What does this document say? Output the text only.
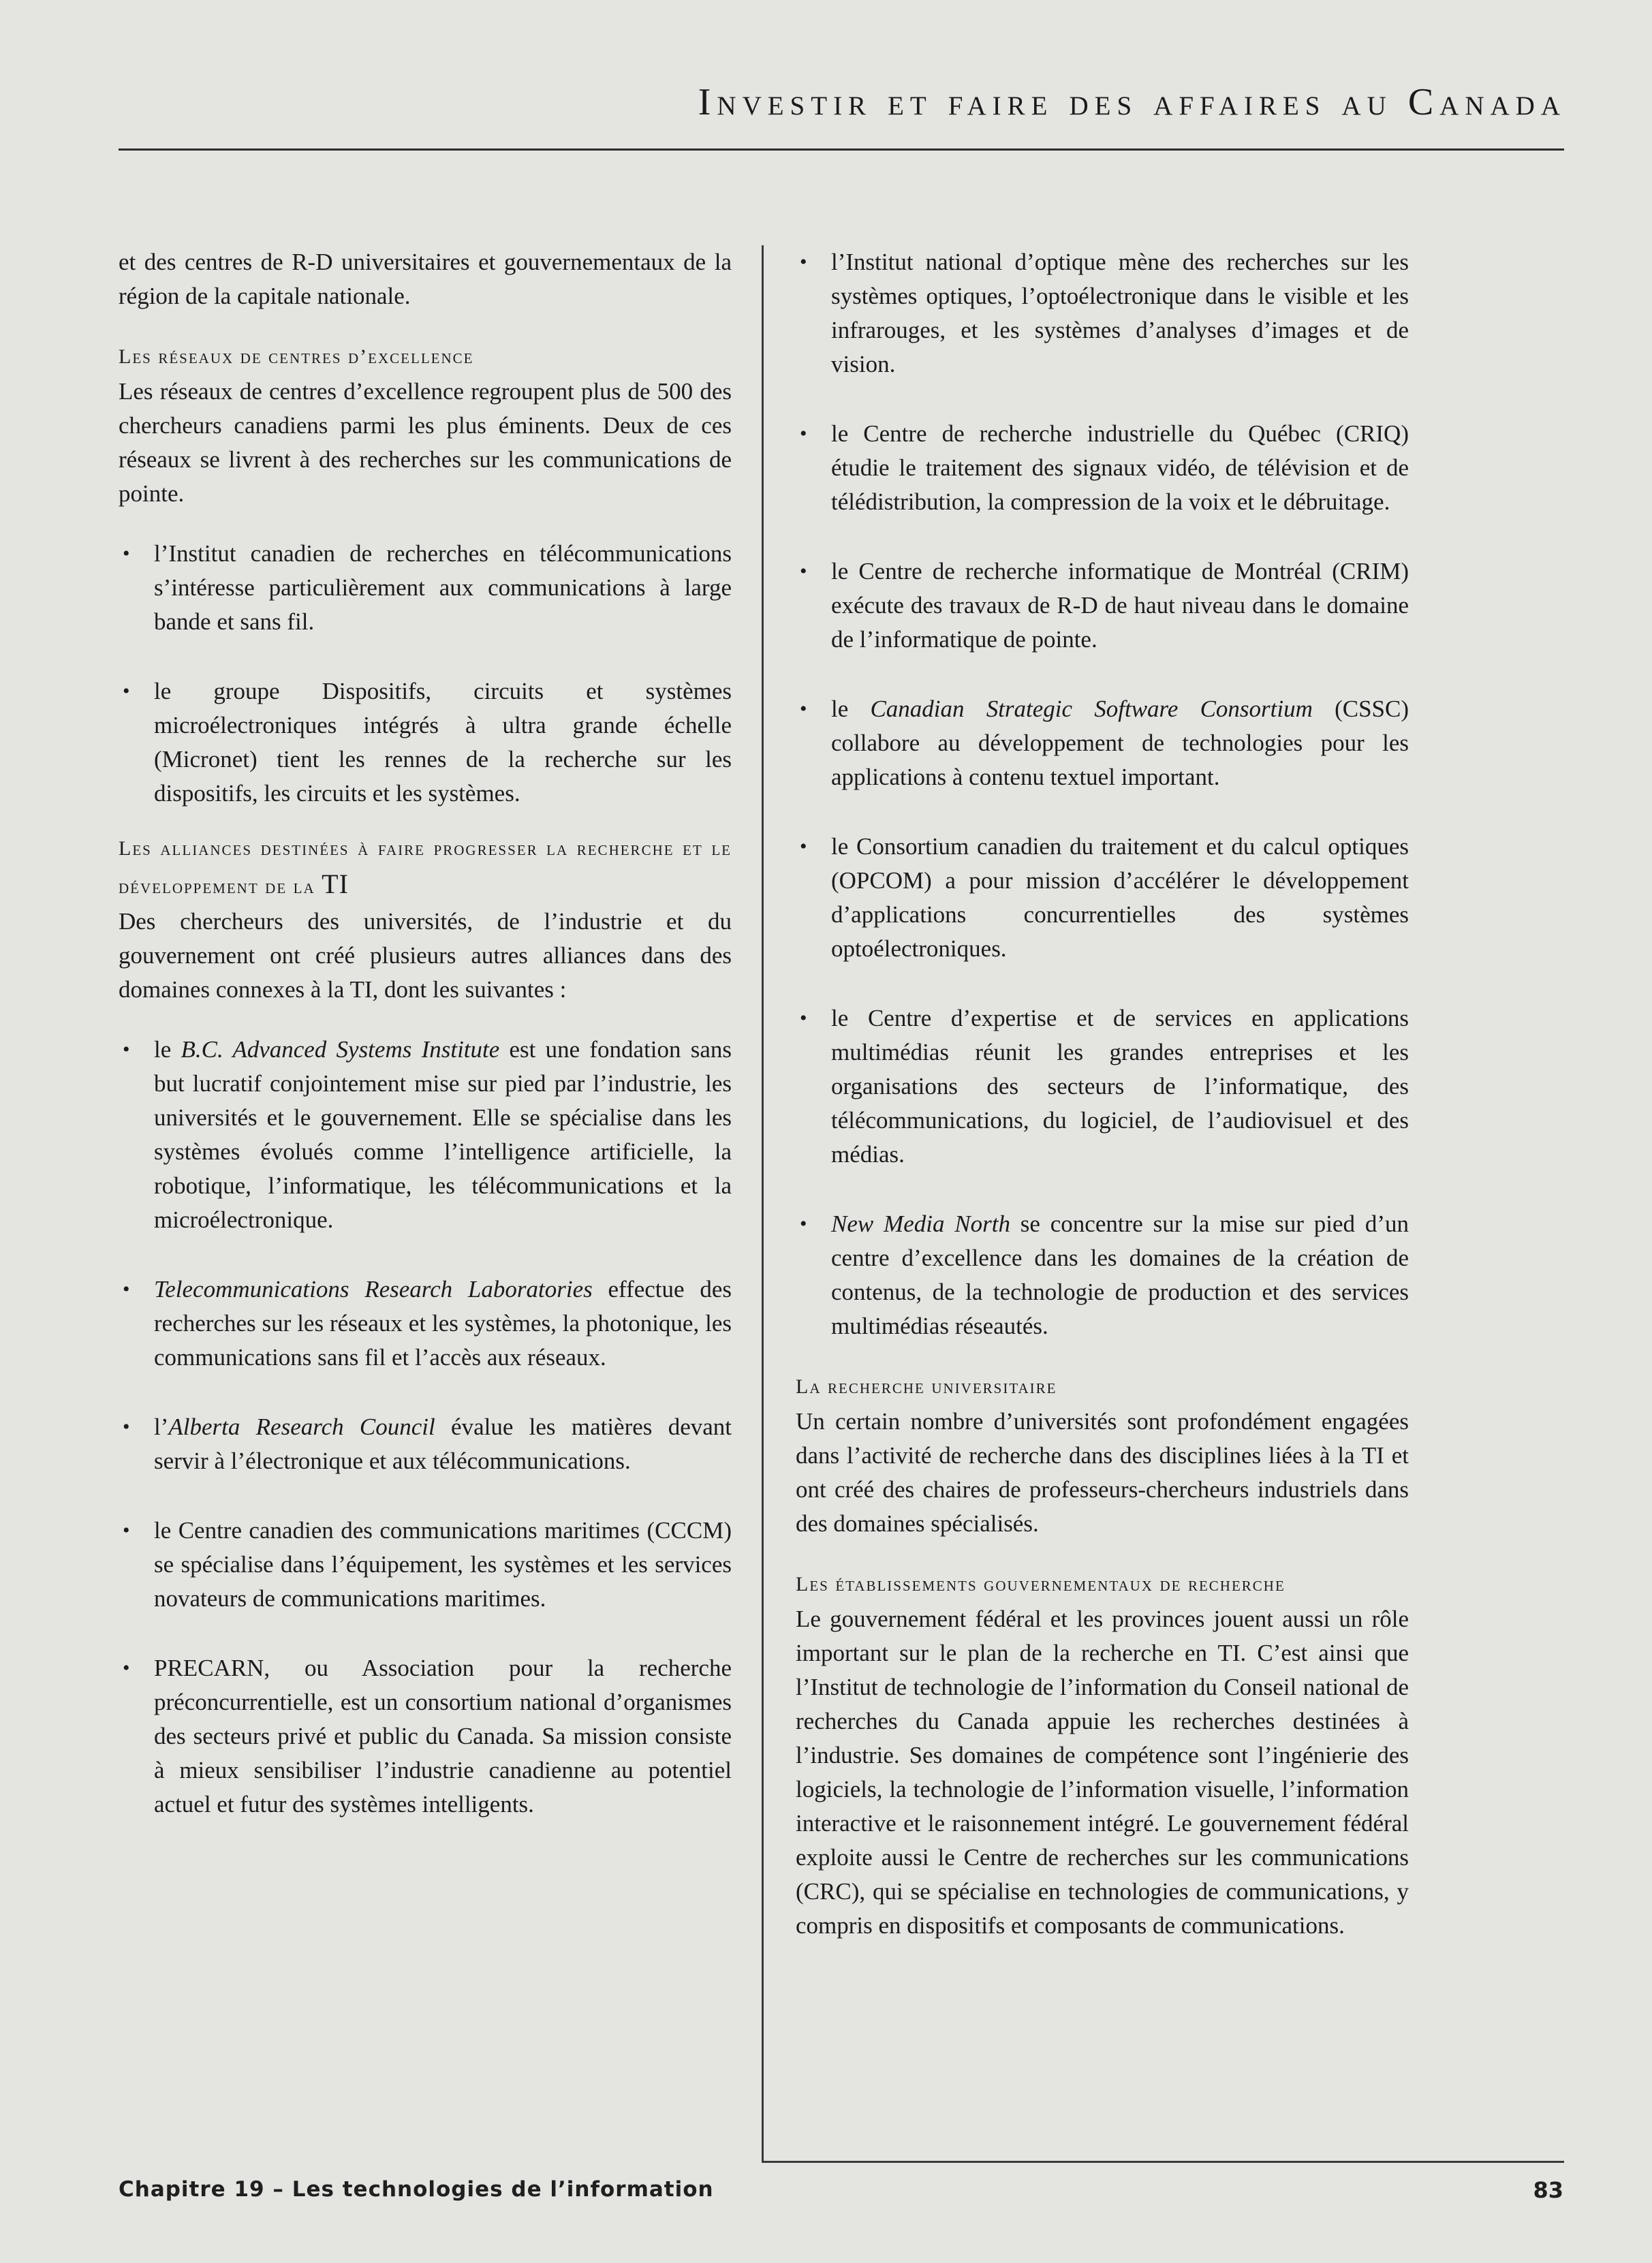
Investir et faire des affaires au Canada

et des centres de R-D universitaires et gouvernementaux de la région de la capitale nationale.

Les réseaux de centres d’excellence

Les réseaux de centres d’excellence regroupent plus de 500 des chercheurs canadiens parmi les plus éminents. Deux de ces réseaux se livrent à des recherches sur les communications de pointe.

• l’Institut canadien de recherches en télécommunications s’intéresse particulièrement aux communications à large bande et sans fil.
• le groupe Dispositifs, circuits et systèmes microélectroniques intégrés à ultra grande échelle (Micronet) tient les rennes de la recherche sur les dispositifs, les circuits et les systèmes.

Les alliances destinées à faire progresser la recherche et le développement de la TI

Des chercheurs des universités, de l’industrie et du gouvernement ont créé plusieurs autres alliances dans des domaines connexes à la TI, dont les suivantes :

• le B.C. Advanced Systems Institute est une fondation sans but lucratif conjointement mise sur pied par l’industrie, les universités et le gouvernement. Elle se spécialise dans les systèmes évolués comme l’intelligence artificielle, la robotique, l’informatique, les télécommunications et la microélectronique.
• Telecommunications Research Laboratories effectue des recherches sur les réseaux et les systèmes, la photonique, les communications sans fil et l’accès aux réseaux.
• l’Alberta Research Council évalue les matières devant servir à l’électronique et aux télécommunications.
• le Centre canadien des communications maritimes (CCCM) se spécialise dans l’équipement, les systèmes et les services novateurs de communications maritimes.
• PRECARN, ou Association pour la recherche préconcurrentielle, est un consortium national d’organismes des secteurs privé et public du Canada. Sa mission consiste à mieux sensibiliser l’industrie canadienne au potentiel actuel et futur des systèmes intelligents.
• l’Institut national d’optique mène des recherches sur les systèmes optiques, l’optoélectronique dans le visible et les infrarouges, et les systèmes d’analyses d’images et de vision.
• le Centre de recherche industrielle du Québec (CRIQ) étudie le traitement des signaux vidéo, de télévision et de télédistribution, la compression de la voix et le débruitage.
• le Centre de recherche informatique de Montréal (CRIM) exécute des travaux de R-D de haut niveau dans le domaine de l’informatique de pointe.
• le Canadian Strategic Software Consortium (CSSC) collabore au développement de technologies pour les applications à contenu textuel important.
• le Consortium canadien du traitement et du calcul optiques (OPCOM) a pour mission d’accélérer le développement d’applications concurrentielles des systèmes optoélectroniques.
• le Centre d’expertise et de services en applications multimédias réunit les grandes entreprises et les organisations des secteurs de l’informatique, des télécommunications, du logiciel, de l’audiovisuel et des médias.
• New Media North se concentre sur la mise sur pied d’un centre d’excellence dans les domaines de la création de contenus, de la technologie de production et des services multimédias réseautés.

La recherche universitaire

Un certain nombre d’universités sont profondément engagées dans l’activité de recherche dans des disciplines liées à la TI et ont créé des chaires de professeurs-chercheurs industriels dans des domaines spécialisés.

Les établissements gouvernementaux de recherche

Le gouvernement fédéral et les provinces jouent aussi un rôle important sur le plan de la recherche en TI. C’est ainsi que l’Institut de technologie de l’information du Conseil national de recherches du Canada appuie les recherches destinées à l’industrie. Ses domaines de compétence sont l’ingénierie des logiciels, la technologie de l’information visuelle, l’information interactive et le raisonnement intégré. Le gouvernement fédéral exploite aussi le Centre de recherches sur les communications (CRC), qui se spécialise en technologies de communications, y compris en dispositifs et composants de communications.

Chapitre 19 – Les technologies de l’information	83
